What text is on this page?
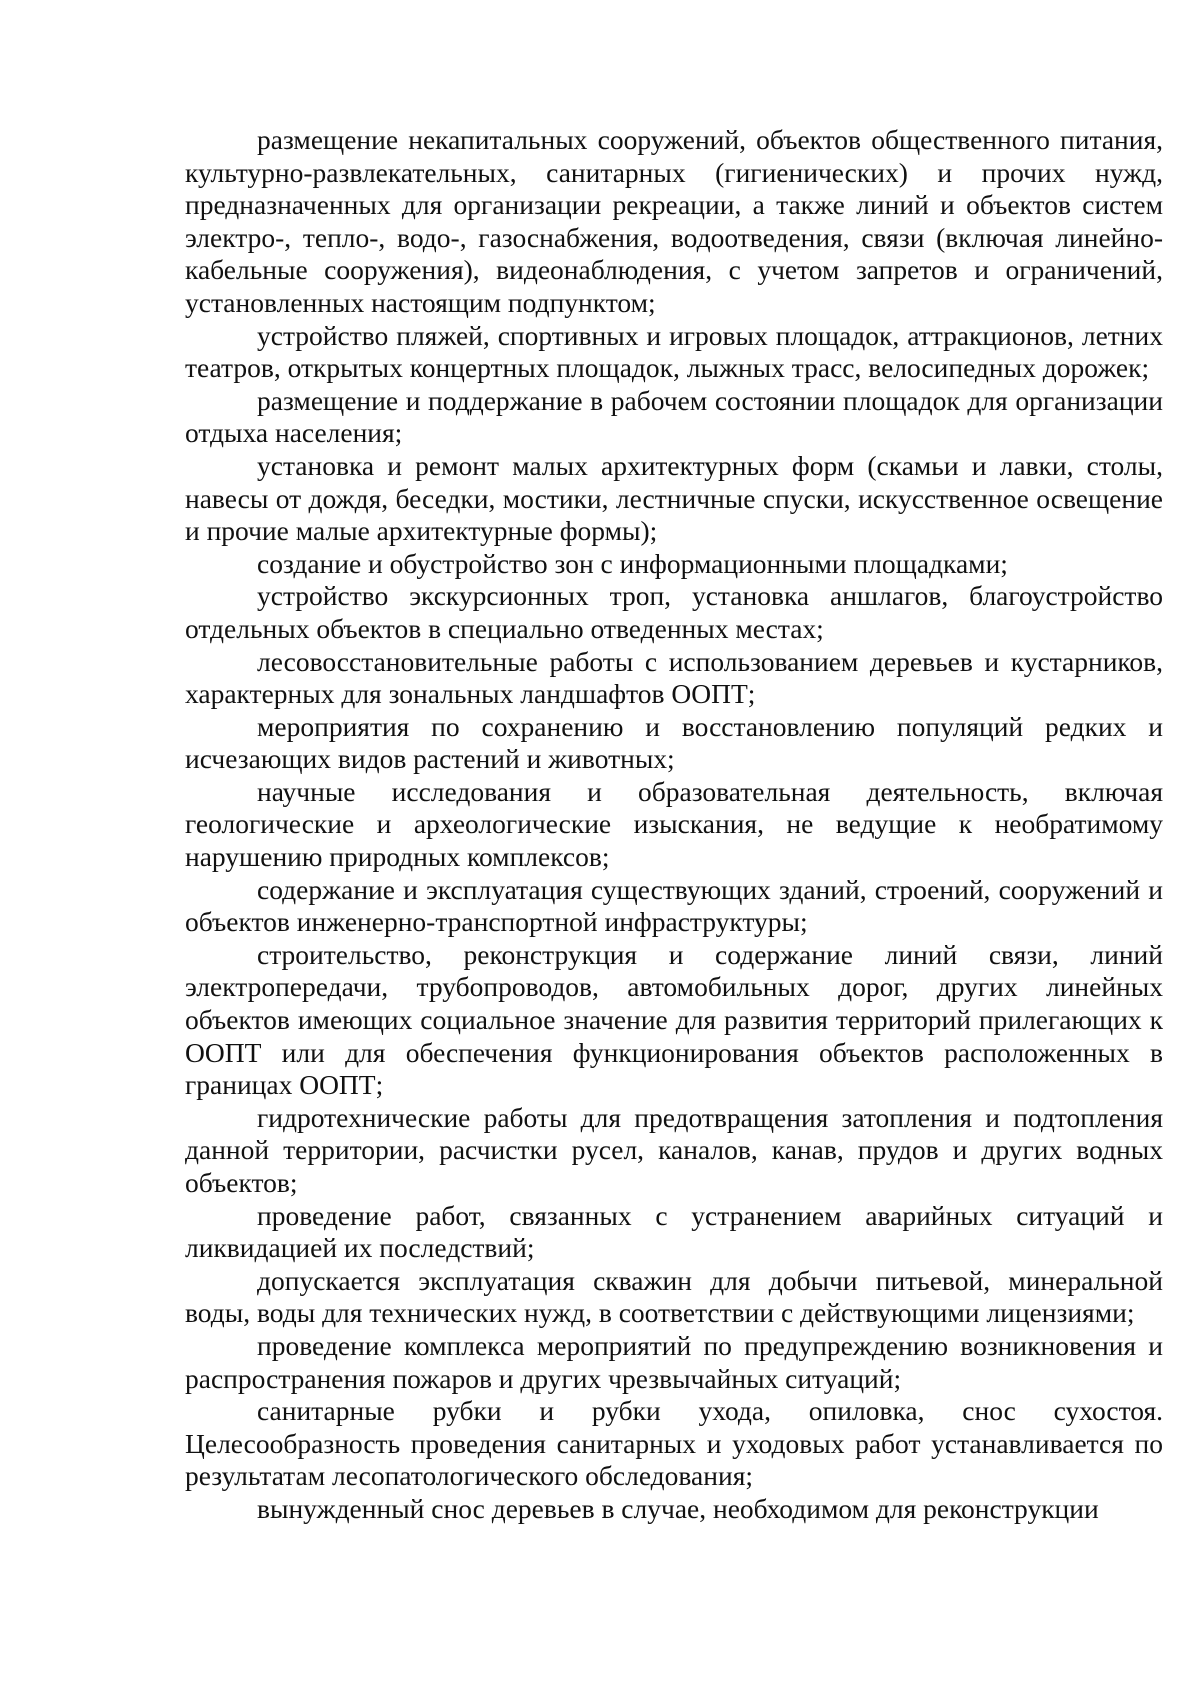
размещение некапитальных сооружений, объектов общественного питания, культурно-развлекательных, санитарных (гигиенических) и прочих нужд, предназначенных для организации рекреации, а также линий и объектов систем электро-, тепло-, водо-, газоснабжения, водоотведения, связи (включая линейно-кабельные сооружения), видеонаблюдения, с учетом запретов и ограничений, установленных настоящим подпунктом;

устройство пляжей, спортивных и игровых площадок, аттракционов, летних театров, открытых концертных площадок, лыжных трасс, велосипедных дорожек;

размещение и поддержание в рабочем состоянии площадок для организации отдыха населения;

установка и ремонт малых архитектурных форм (скамьи и лавки, столы, навесы от дождя, беседки, мостики, лестничные спуски, искусственное освещение и прочие малые архитектурные формы);

создание и обустройство зон с информационными площадками;

устройство экскурсионных троп, установка аншлагов, благоустройство отдельных объектов в специально отведенных местах;

лесовосстановительные работы с использованием деревьев и кустарников, характерных для зональных ландшафтов ООПТ;

мероприятия по сохранению и восстановлению популяций редких и исчезающих видов растений и животных;

научные исследования и образовательная деятельность, включая геологические и археологические изыскания, не ведущие к необратимому нарушению природных комплексов;

содержание и эксплуатация существующих зданий, строений, сооружений и объектов инженерно-транспортной инфраструктуры;

строительство, реконструкция и содержание линий связи, линий электропередачи, трубопроводов, автомобильных дорог, других линейных объектов имеющих социальное значение для развития территорий прилегающих к ООПТ или для обеспечения функционирования объектов расположенных в границах ООПТ;

гидротехнические работы для предотвращения затопления и подтопления данной территории, расчистки русел, каналов, канав, прудов и других водных объектов;

проведение работ, связанных с устранением аварийных ситуаций и ликвидацией их последствий;

допускается эксплуатация скважин для добычи питьевой, минеральной воды, воды для технических нужд, в соответствии с действующими лицензиями;

проведение комплекса мероприятий по предупреждению возникновения и распространения пожаров и других чрезвычайных ситуаций;

санитарные рубки и рубки ухода, опиловка, снос сухостоя. Целесообразность проведения санитарных и уходовых работ устанавливается по результатам лесопатологического обследования;

вынужденный снос деревьев в случае, необходимом для реконструкции
